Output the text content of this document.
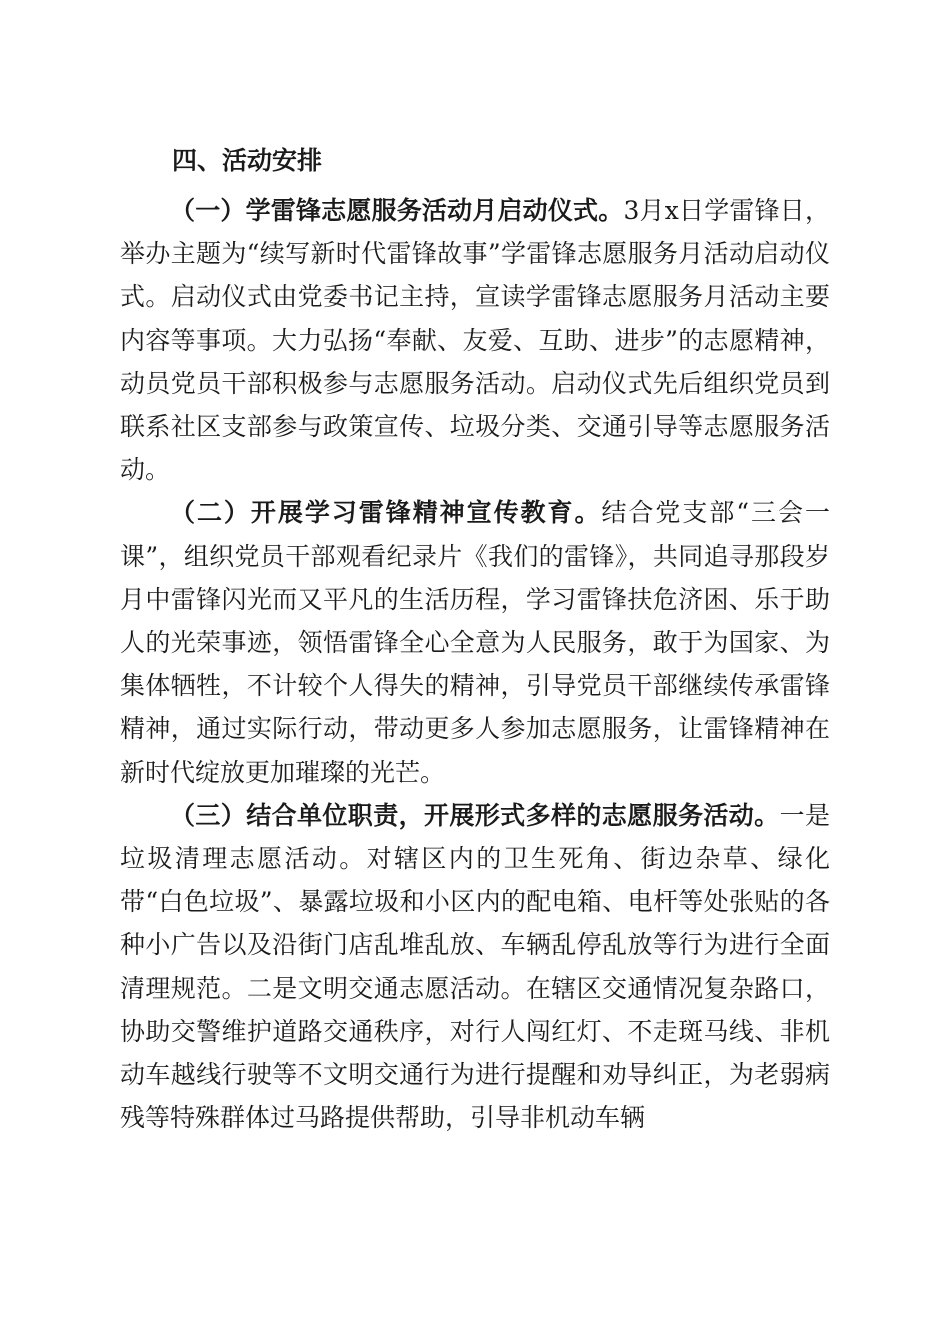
四、活动安排

（一）学雷锋志愿服务活动月启动仪式。3月x日学雷锋日，举办主题为“续写新时代雷锋故事”学雷锋志愿服务月活动启动仪式。启动仪式由党委书记主持，宣读学雷锋志愿服务月活动主要内容等事项。大力弘扬“奉献、友爱、互助、进步”的志愿精神，动员党员干部积极参与志愿服务活动。启动仪式先后组织党员到联系社区支部参与政策宣传、垃圾分类、交通引导等志愿服务活动。

（二）开展学习雷锋精神宣传教育。结合党支部“三会一课”，组织党员干部观看纪录片《我们的雷锋》，共同追寻那段岁月中雷锋闪光而又平凡的生活历程，学习雷锋扶危济困、乐于助人的光荣事迹，领悟雷锋全心全意为人民服务，敢于为国家、为集体牺牲，不计较个人得失的精神，引导党员干部继续传承雷锋精神，通过实际行动，带动更多人参加志愿服务，让雷锋精神在新时代绽放更加璀璨的光芒。

（三）结合单位职责，开展形式多样的志愿服务活动。一是垃圾清理志愿活动。对辖区内的卫生死角、街边杂草、绿化带“白色垃圾”、暴露垃圾和小区内的配电箱、电杆等处张贴的各种小广告以及沿街门店乱堆乱放、车辆乱停乱放等行为进行全面清理规范。二是文明交通志愿活动。在辖区交通情况复杂路口，协助交警维护道路交通秩序，对行人闯红灯、不走斑马线、非机动车越线行驶等不文明交通行为进行提醒和劝导纠正，为老弱病残等特殊群体过马路提供帮助，引导非机动车辆
